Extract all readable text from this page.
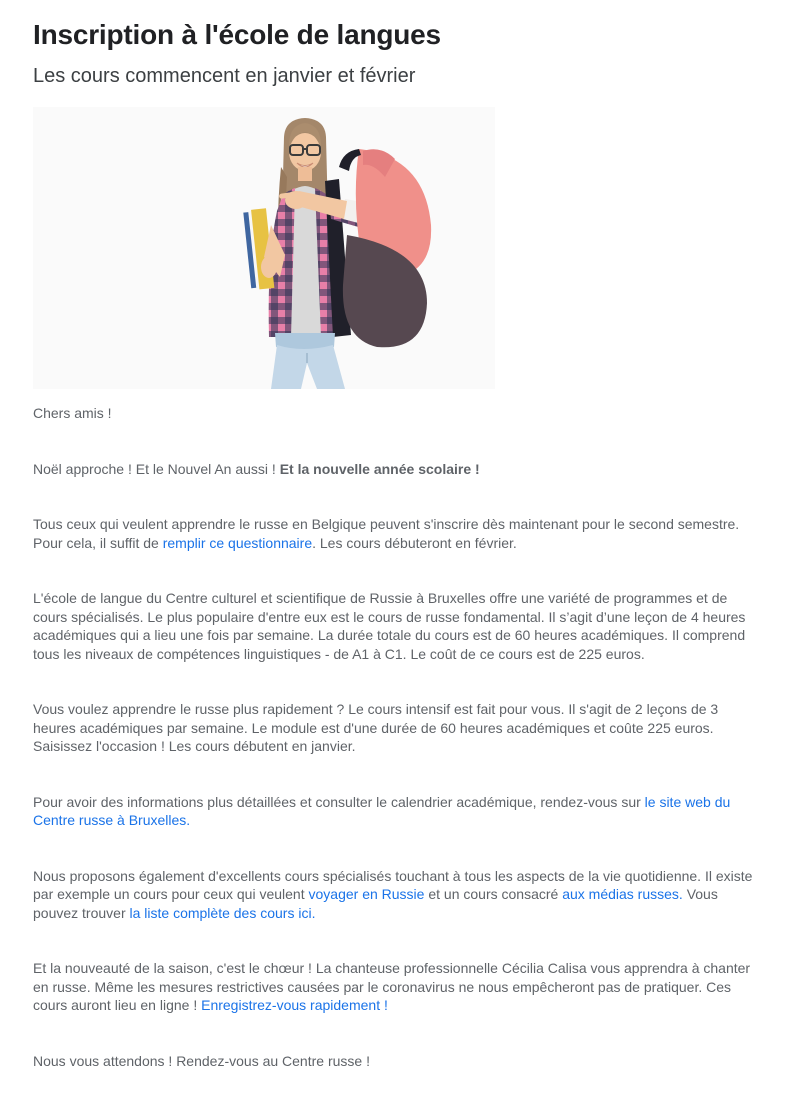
Inscription à l'école de langues
Les cours commencent en janvier et février

Chers amis !

Noël approche ! Et le Nouvel An aussi ! Et la nouvelle année scolaire !

Tous ceux qui veulent apprendre le russe en Belgique peuvent s'inscrire dès maintenant pour le second semestre. Pour cela, il suffit de remplir ce questionnaire. Les cours débuteront en février.

L'école de langue du Centre culturel et scientifique de Russie à Bruxelles offre une variété de programmes et de cours spécialisés. Le plus populaire d'entre eux est le cours de russe fondamental. Il s’agit d’une leçon de 4 heures académiques qui a lieu une fois par semaine. La durée totale du cours est de 60 heures académiques. Il comprend tous les niveaux de compétences linguistiques - de A1 à C1. Le coût de ce cours est de 225 euros.

Vous voulez apprendre le russe plus rapidement ? Le cours intensif est fait pour vous. Il s'agit de 2 leçons de 3 heures académiques par semaine. Le module est d'une durée de 60 heures académiques et coûte 225 euros. Saisissez l'occasion ! Les cours débutent en janvier.

Pour avoir des informations plus détaillées et consulter le calendrier académique, rendez-vous sur le site web du Centre russe à Bruxelles.

Nous proposons également d'excellents cours spécialisés touchant à tous les aspects de la vie quotidienne. Il existe par exemple un cours pour ceux qui veulent voyager en Russie et un cours consacré aux médias russes. Vous pouvez trouver la liste complète des cours ici.

Et la nouveauté de la saison, c'est le chœur ! La chanteuse professionnelle Cécilia Calisa vous apprendra à chanter en russe. Même les mesures restrictives causées par le coronavirus ne nous empêcheront pas de pratiquer. Ces cours auront lieu en ligne ! Enregistrez-vous rapidement !

Nous vous attendons ! Rendez-vous au Centre russe !
